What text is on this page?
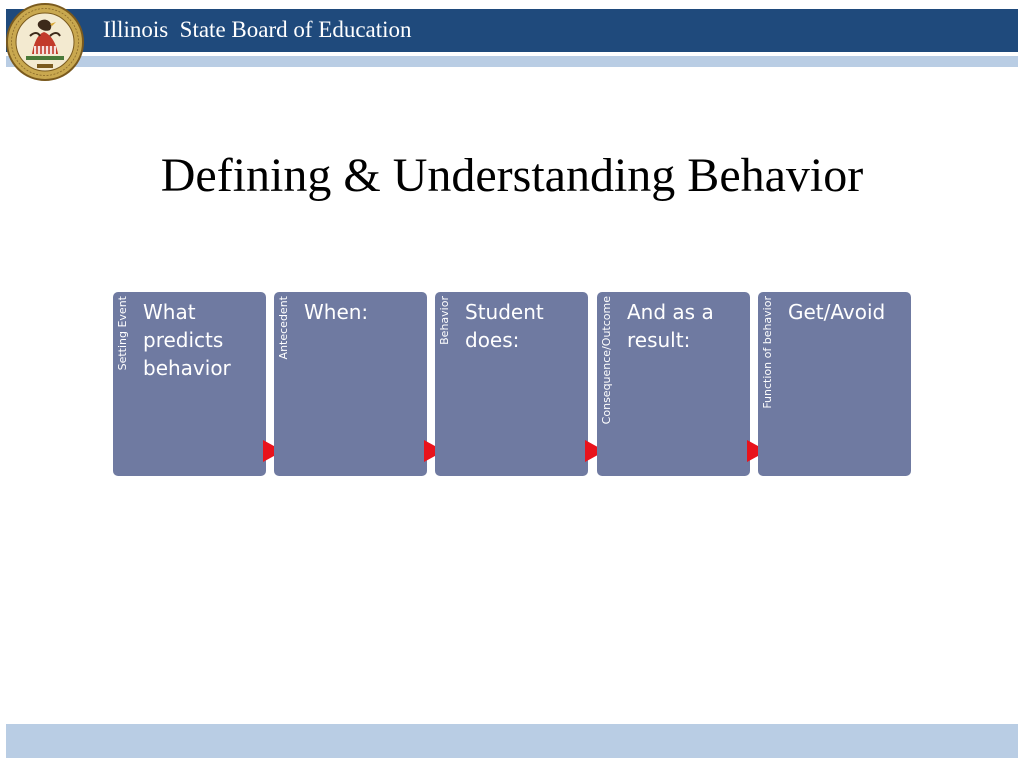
Illinois  State Board of Education
Defining & Understanding Behavior
Setting Event What predicts behavior
Antecedent When:	Behavior Student does:	Consequence/Outcome And as a result:	Function of behavior Get/Avoid
